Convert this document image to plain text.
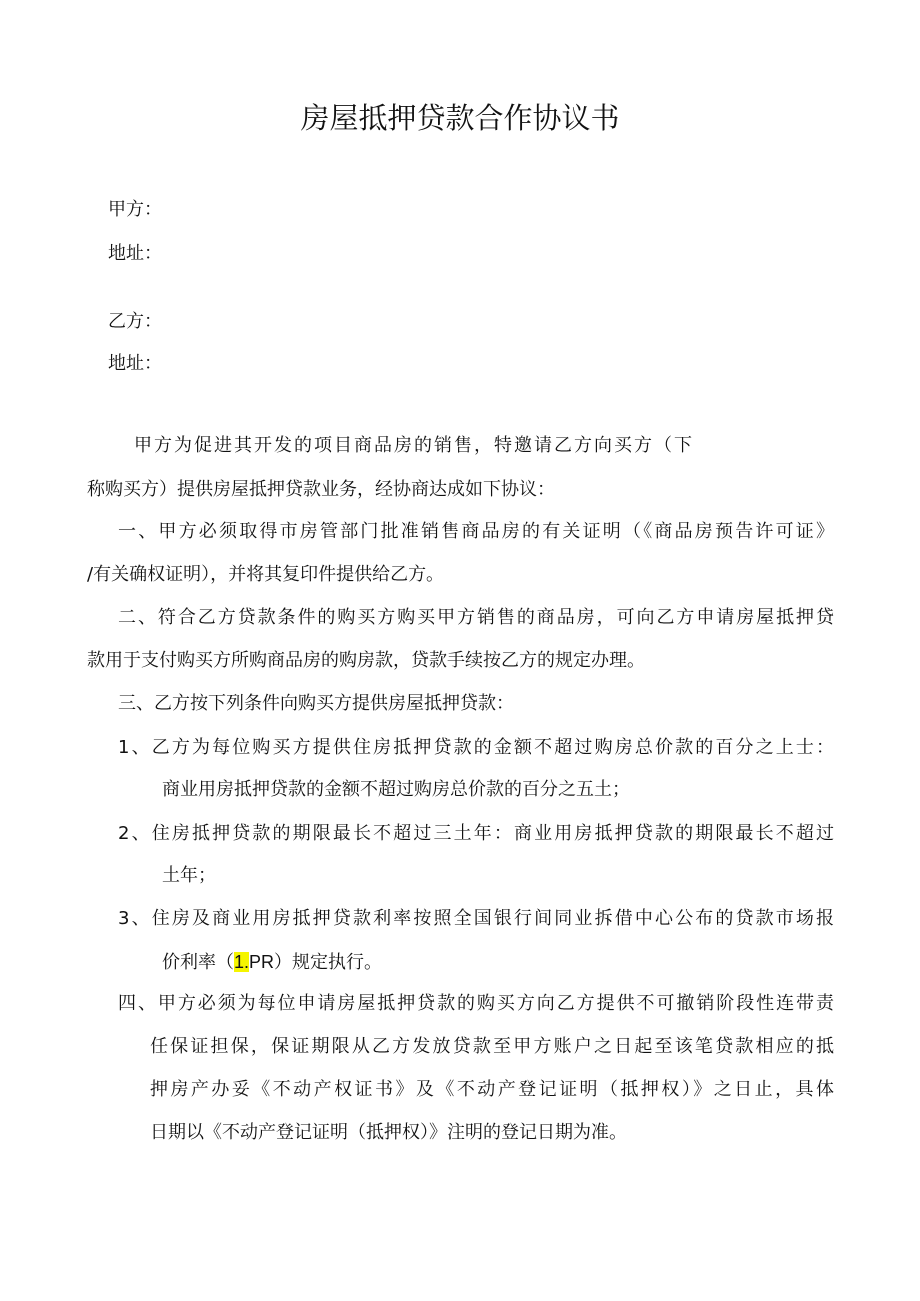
房屋抵押贷款合作协议书
甲方：
地址：
乙方：
地址：
甲方为促进其开发的项目商品房的销售，特邀请乙方向买方（下
称购买方）提供房屋抵押贷款业务，经协商达成如下协议：
一、甲方必须取得市房管部门批准销售商品房的有关证明（《商品房预告许可证》
/有关确权证明），并将其复印件提供给乙方。
二、符合乙方贷款条件的购买方购买甲方销售的商品房，可向乙方申请房屋抵押贷
款用于支付购买方所购商品房的购房款，贷款手续按乙方的规定办理。
三、乙方按下列条件向购买方提供房屋抵押贷款：
1、乙方为每位购买方提供住房抵押贷款的金额不超过购房总价款的百分之上士：
商业用房抵押贷款的金额不超过购房总价款的百分之五土；
2、住房抵押贷款的期限最长不超过三土年：商业用房抵押贷款的期限最长不超过
土年；
3、住房及商业用房抵押贷款利率按照全国银行间同业拆借中心公布的贷款市场报
价利率（1.PR）规定执行。
四、甲方必须为每位申请房屋抵押贷款的购买方向乙方提供不可撤销阶段性连带责
任保证担保，保证期限从乙方发放贷款至甲方账户之日起至该笔贷款相应的抵
押房产办妥《不动产权证书》及《不动产登记证明（抵押权）》之日止，具体
日期以《不动产登记证明（抵押权）》注明的登记日期为准。
